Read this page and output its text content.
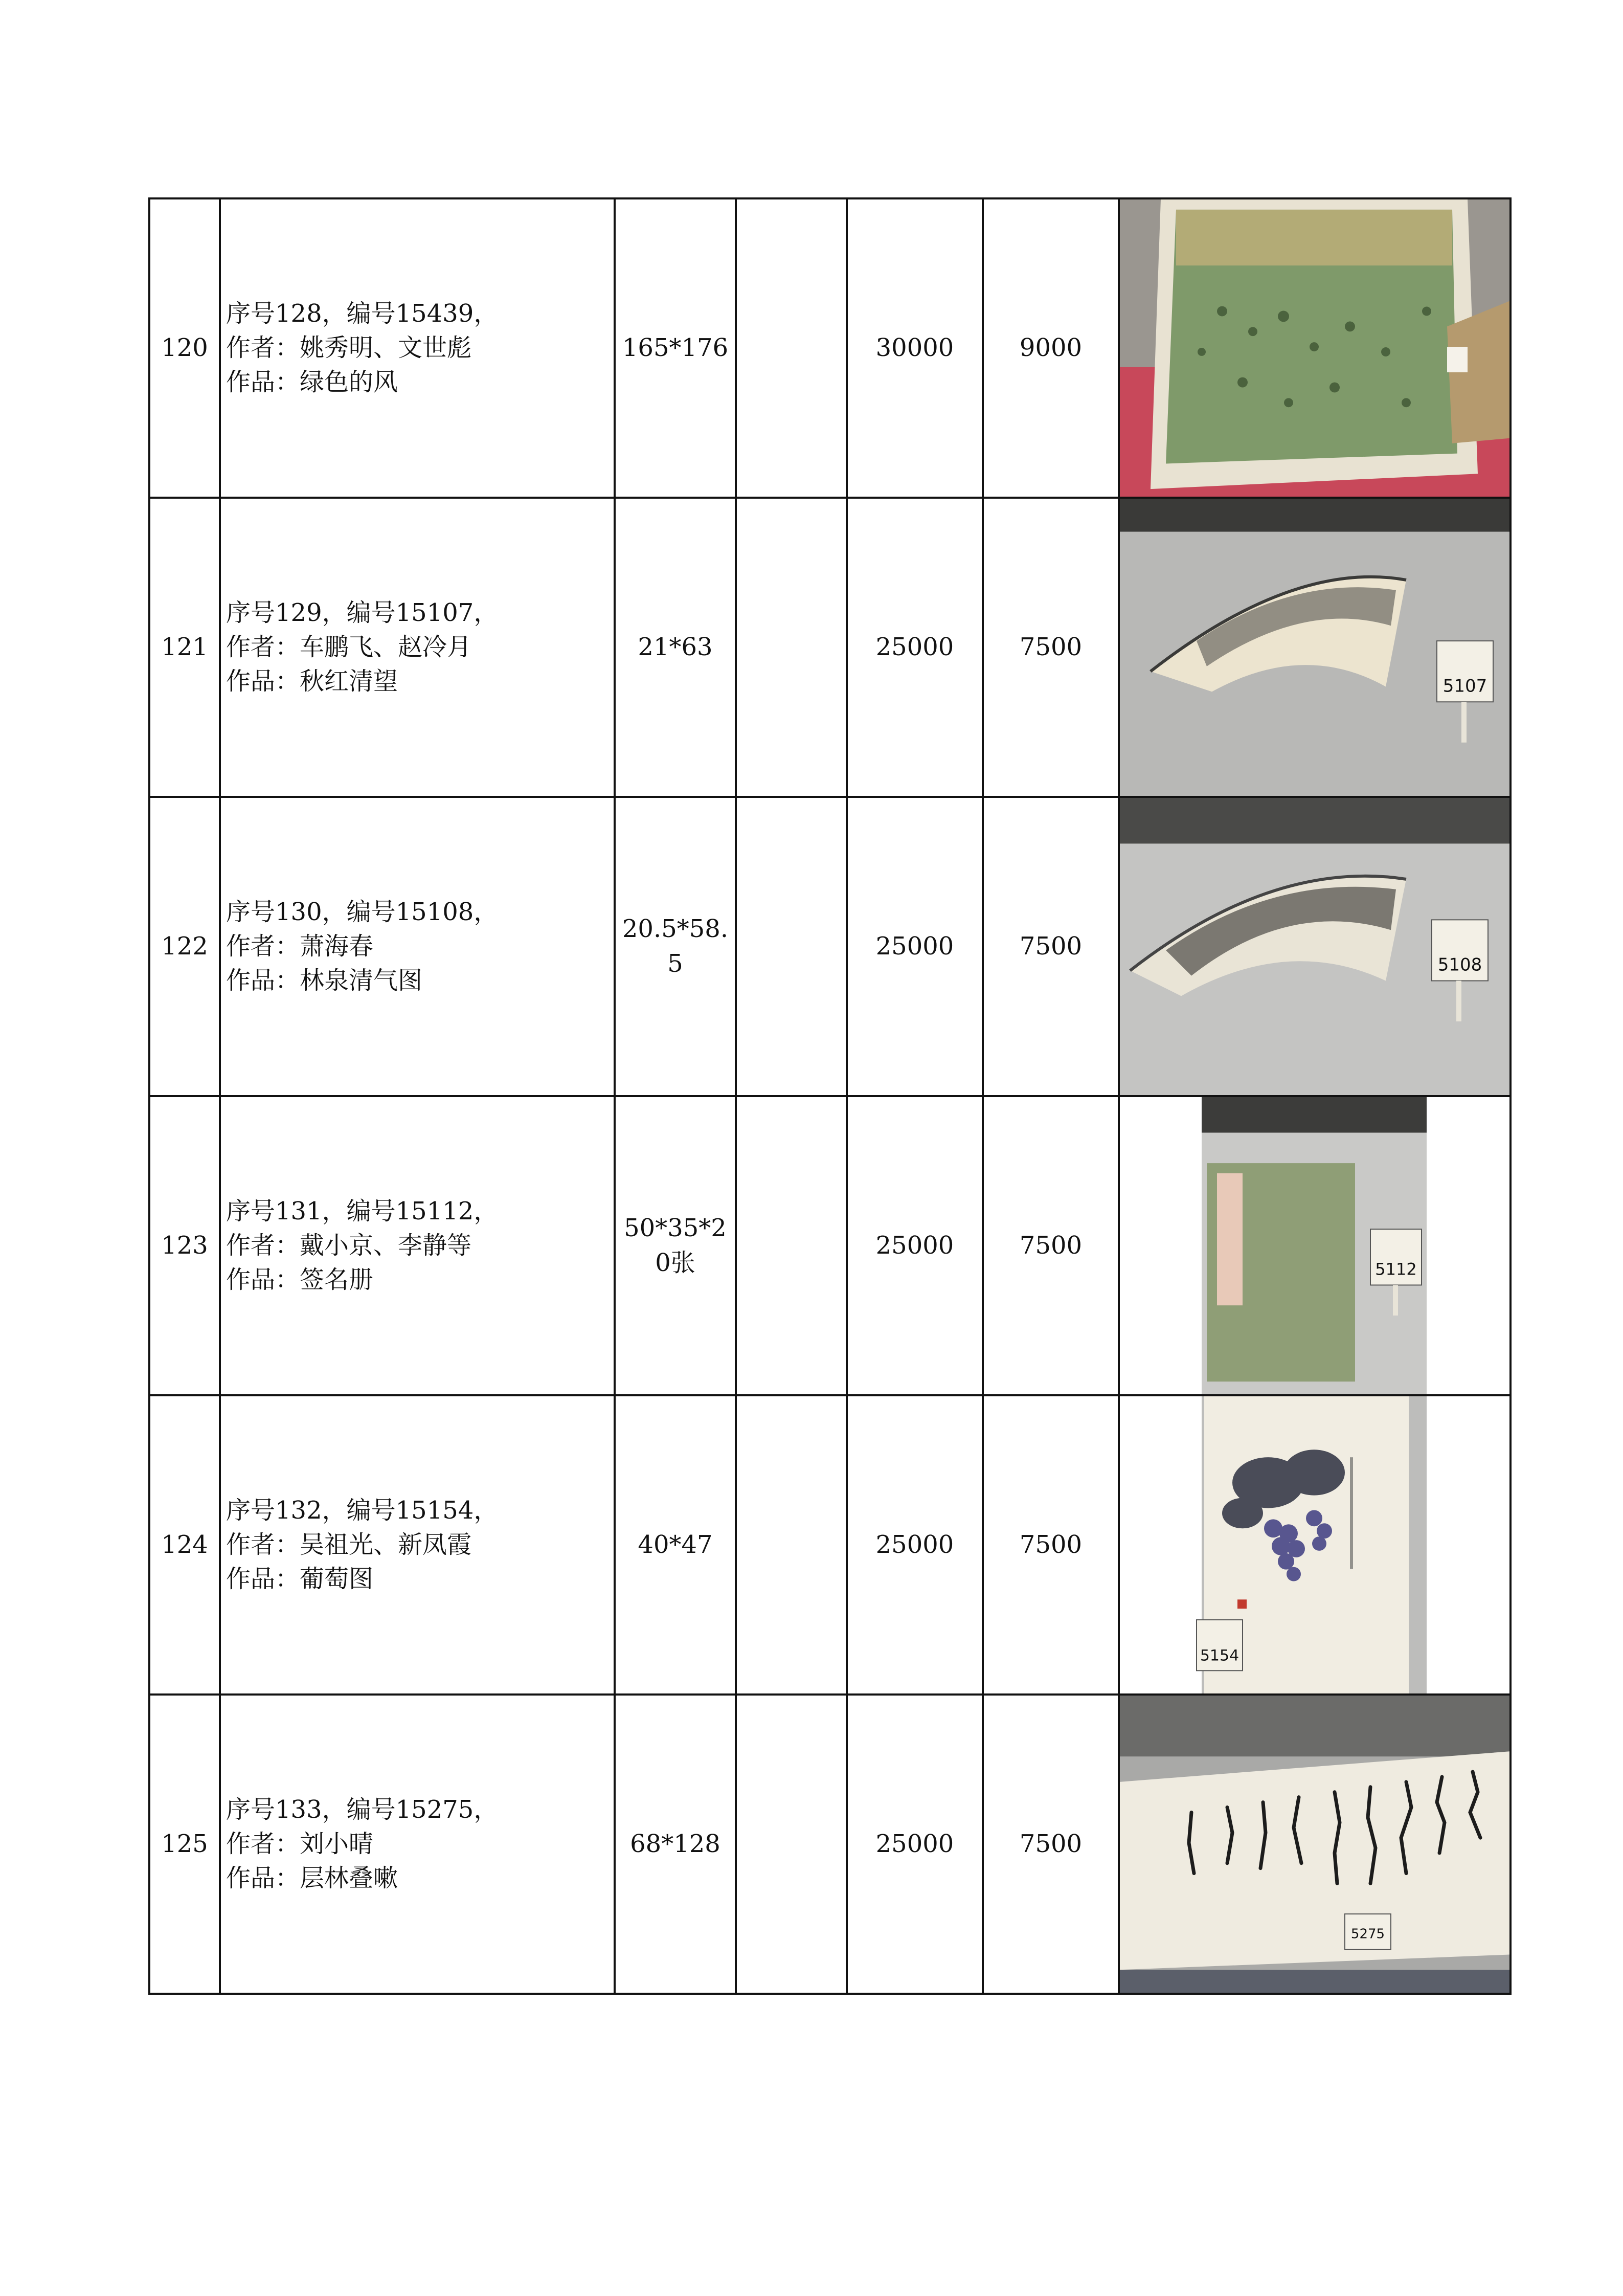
120	序号128，编号15439，
作者：姚秀明、文世彪
作品：绿色的风	165*176		30000	9000	

121	序号129，编号15107，
作者：车鹏飞、赵冷月
作品：秋红清望	21*63		25000	7500	5107

122	序号130，编号15108，
作者：萧海春
作品：林泉清气图	20.5*58.5		25000	7500	5108

123	序号131，编号15112，
作者：戴小京、李静等
作品：签名册	50*35*20张		25000	7500	5112

124	序号132，编号15154，
作者：吴祖光、新凤霞
作品：葡萄图	40*47		25000	7500	5154

125	序号133，编号15275，
作者：刘小晴
作品：层林叠嗽	68*128		25000	7500	5275
